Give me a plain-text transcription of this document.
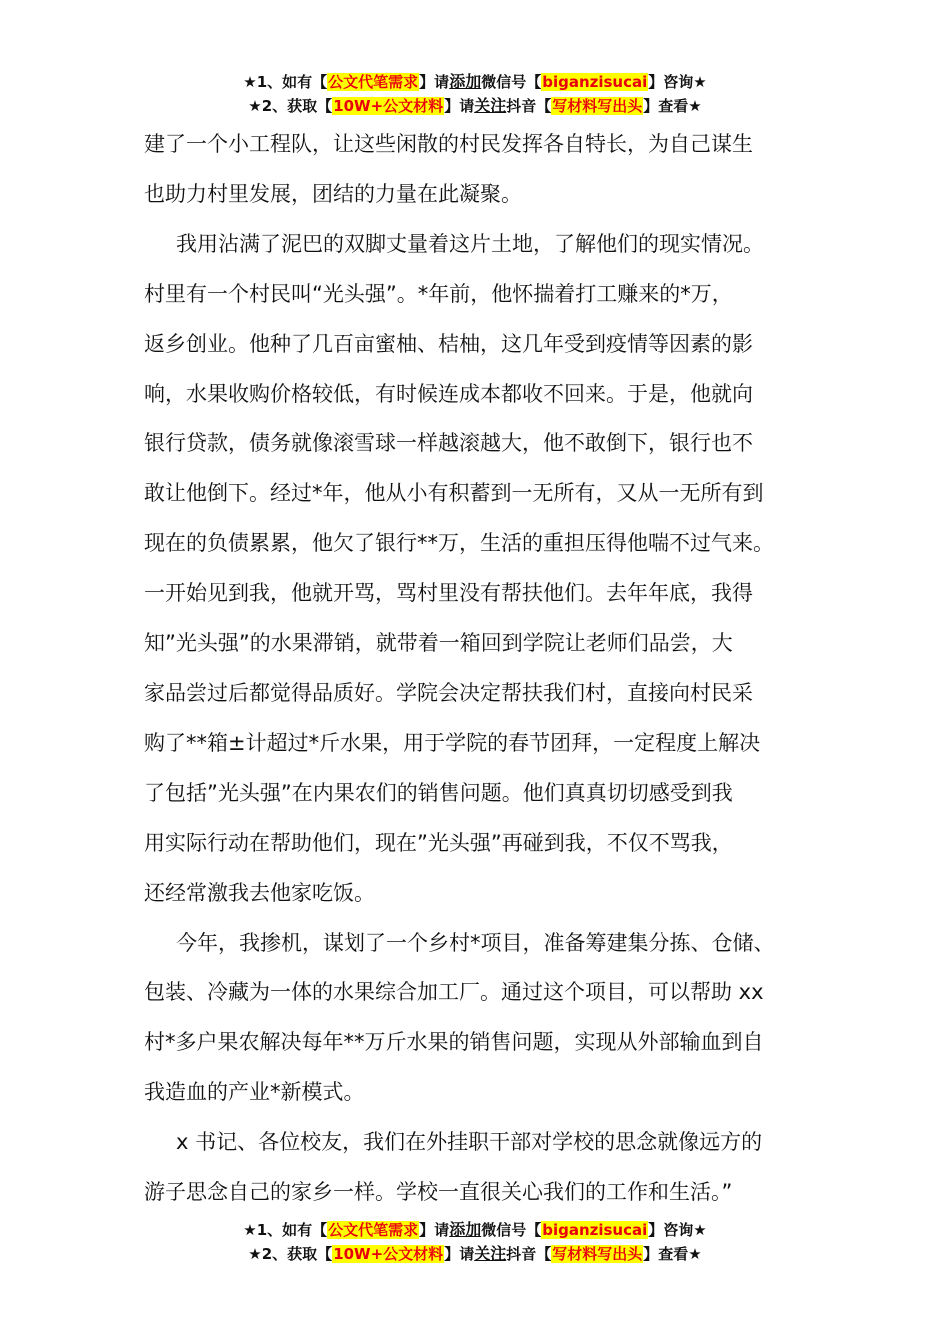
★1、如有【公文代笔需求】请添加微信号【biganzisucai】咨询★
★2、获取【10W+公文材料】请关注抖音【写材料写出头】查看★

建了一个小工程队，让这些闲散的村民发挥各自特长，为自己谋生
也助力村里发展，团结的力量在此凝聚。

我用沾满了泥巴的双脚丈量着这片土地，了解他们的现实情况。
村里有一个村民叫“光头强”。*年前，他怀揣着打工赚来的*万，
返乡创业。他种了几百亩蜜柚、桔柚，这几年受到疫情等因素的影
响，水果收购价格较低，有时候连成本都收不回来。于是，他就向
银行贷款，债务就像滚雪球一样越滚越大，他不敢倒下，银行也不
敢让他倒下。经过*年，他从小有积蓄到一无所有，又从一无所有到
现在的负债累累，他欠了银行**万，生活的重担压得他喘不过气来。
一开始见到我，他就开骂，骂村里没有帮扶他们。去年年底，我得
知”光头强”的水果滞销，就带着一箱回到学院让老师们品尝，大
家品尝过后都觉得品质好。学院会决定帮扶我们村，直接向村民采
购了**箱±计超过*斤水果，用于学院的春节团拜，一定程度上解决
了包括”光头强”在内果农们的销售问题。他们真真切切感受到我
用实际行动在帮助他们，现在”光头强”再碰到我，不仅不骂我，
还经常激我去他家吃饭。

今年，我掺机，谋划了一个乡村*项目，准备筹建集分拣、仓储、
包装、冷藏为一体的水果综合加工厂。通过这个项目，可以帮助 xx
村*多户果农解决每年**万斤水果的销售问题，实现从外部输血到自
我造血的产业*新模式。

x 书记、各位校友，我们在外挂职干部对学校的思念就像远方的
游子思念自己的家乡一样。学校一直很关心我们的工作和生活。”

★1、如有【公文代笔需求】请添加微信号【biganzisucai】咨询★
★2、获取【10W+公文材料】请关注抖音【写材料写出头】查看★
